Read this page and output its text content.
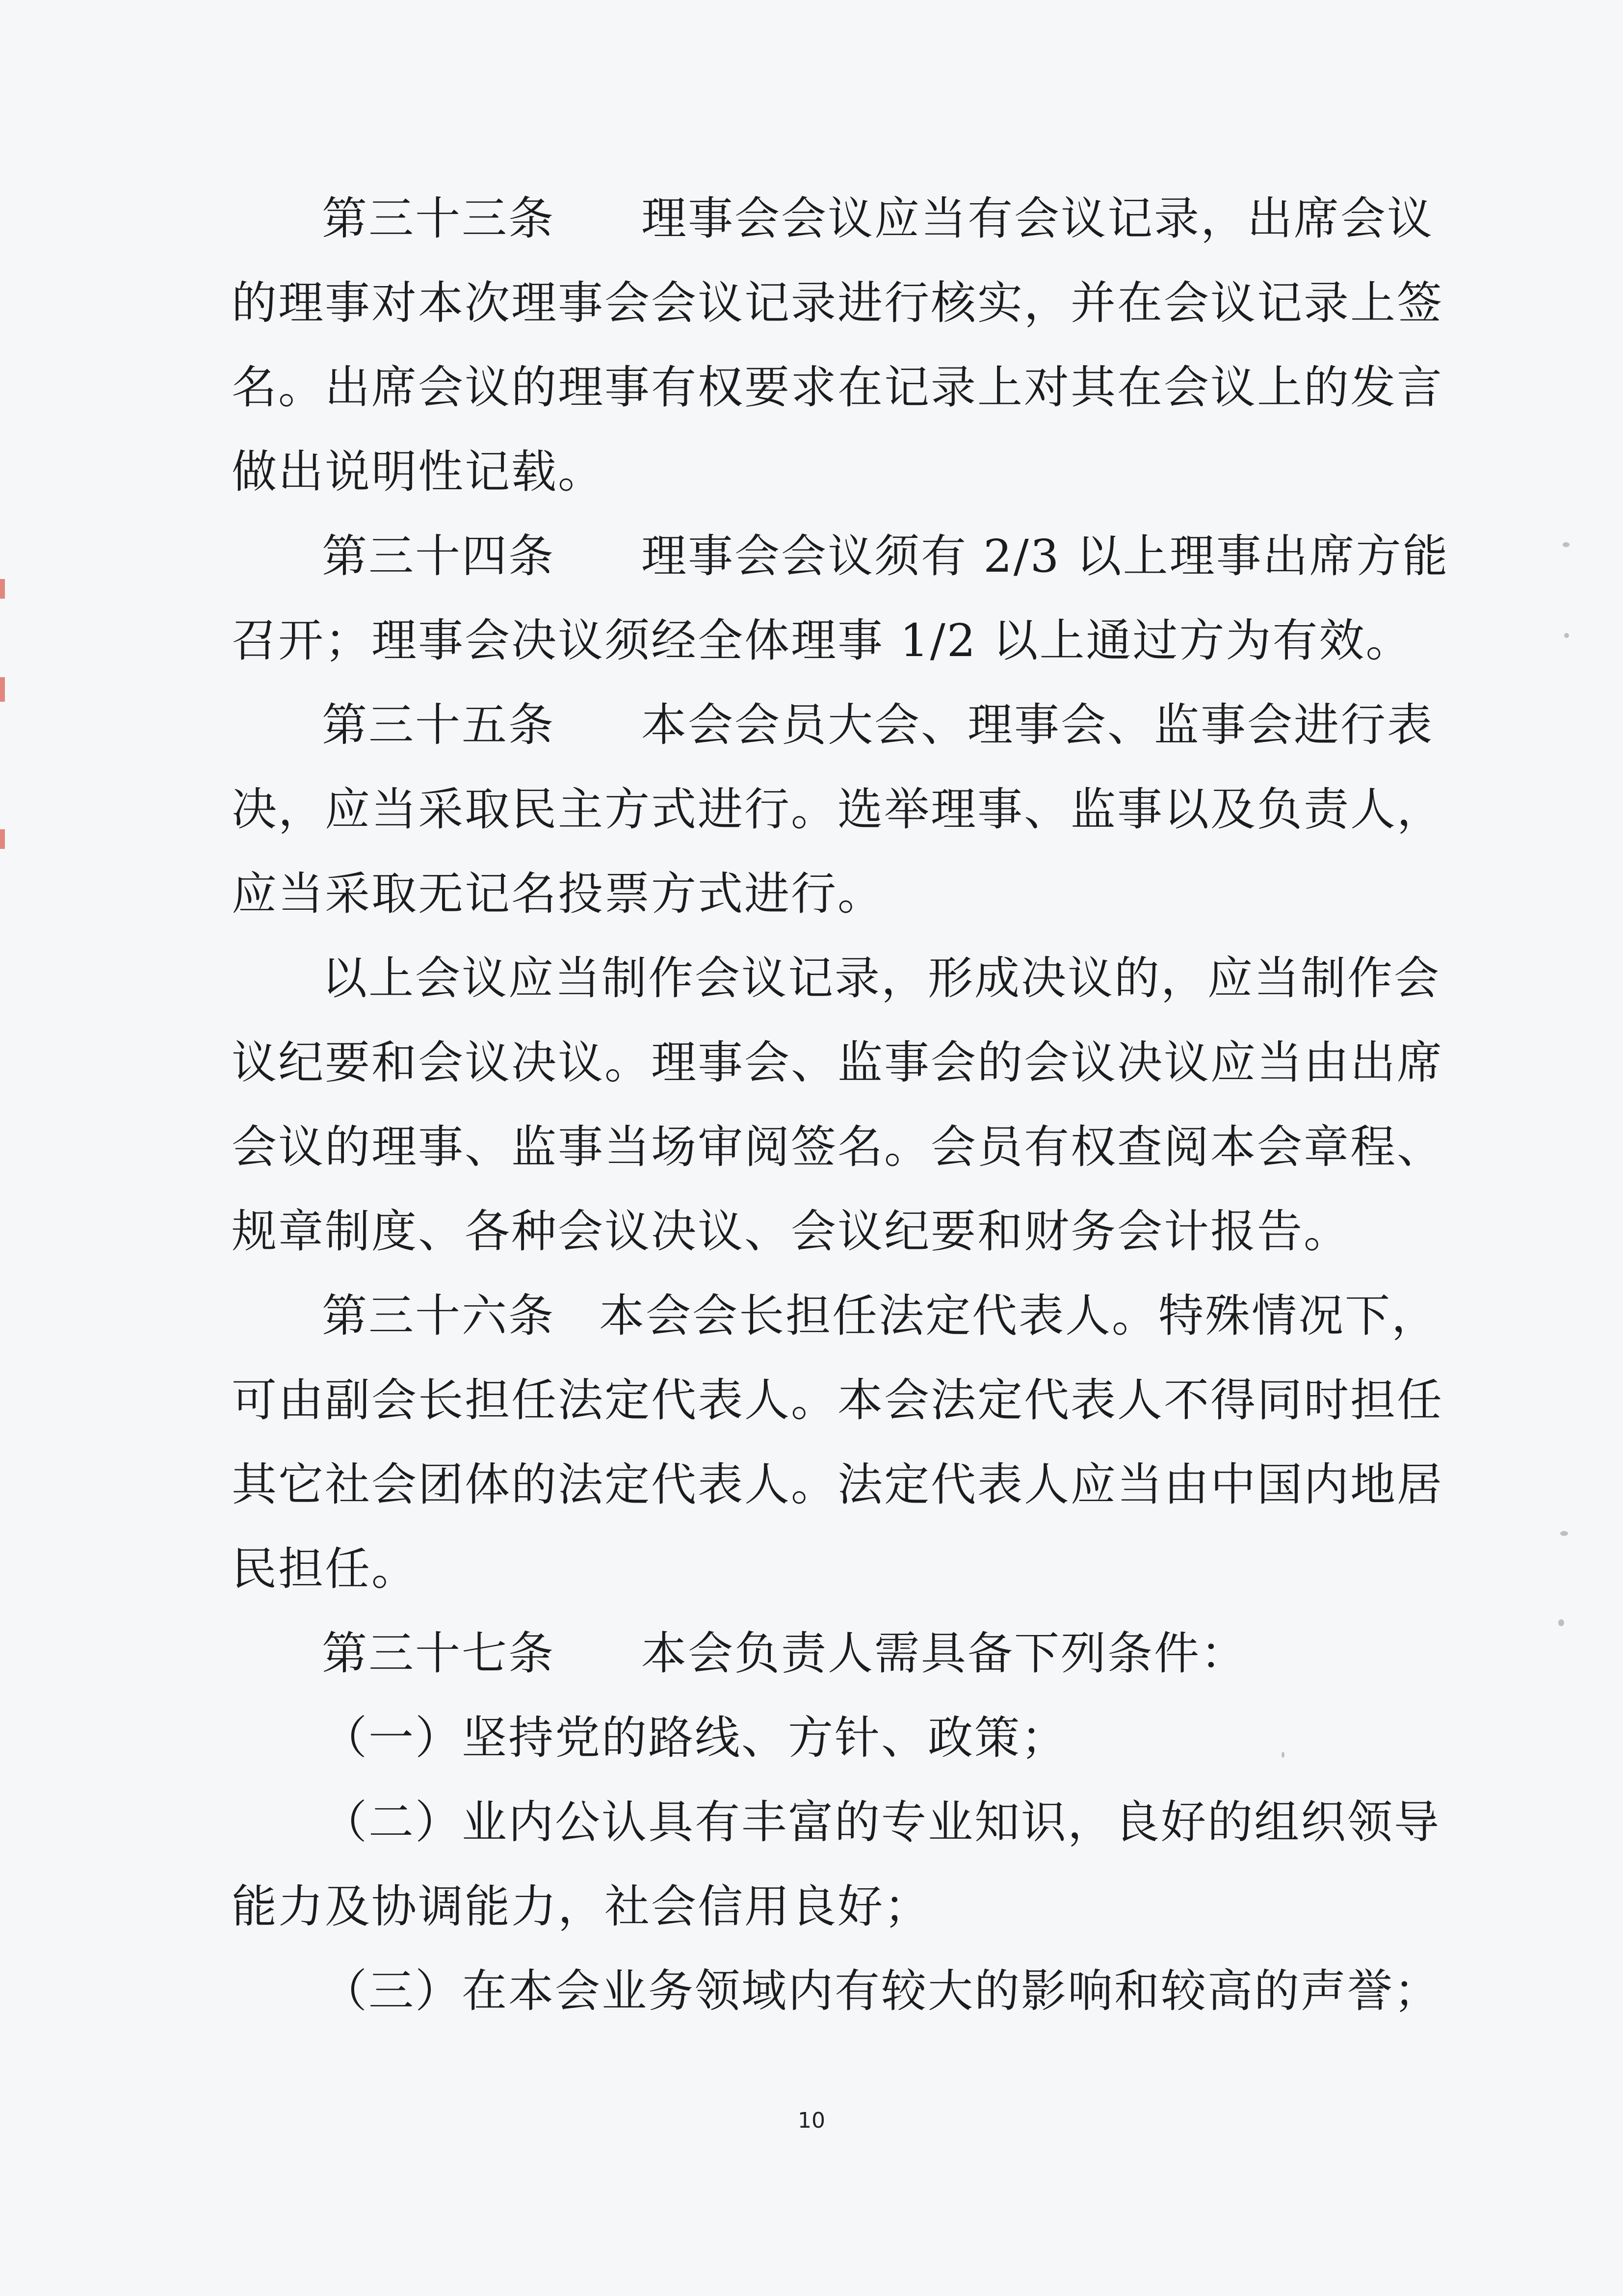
第三十三条 理事会会议应当有会议记录，出席会议
的理事对本次理事会会议记录进行核实，并在会议记录上签
名。出席会议的理事有权要求在记录上对其在会议上的发言
做出说明性记载。
第三十四条 理事会会议须有 2/3 以上理事出席方能
召开；理事会决议须经全体理事 1/2 以上通过方为有效。
第三十五条 本会会员大会、理事会、监事会进行表
决，应当采取民主方式进行。选举理事、监事以及负责人，
应当采取无记名投票方式进行。
以上会议应当制作会议记录，形成决议的，应当制作会
议纪要和会议决议。理事会、监事会的会议决议应当由出席
会议的理事、监事当场审阅签名。会员有权查阅本会章程、
规章制度、各种会议决议、会议纪要和财务会计报告。
第三十六条 本会会长担任法定代表人。特殊情况下，
可由副会长担任法定代表人。本会法定代表人不得同时担任
其它社会团体的法定代表人。法定代表人应当由中国内地居
民担任。
第三十七条 本会负责人需具备下列条件：
（一）坚持党的路线、方针、政策；
（二）业内公认具有丰富的专业知识，良好的组织领导
能力及协调能力，社会信用良好；
（三）在本会业务领域内有较大的影响和较高的声誉；
10
